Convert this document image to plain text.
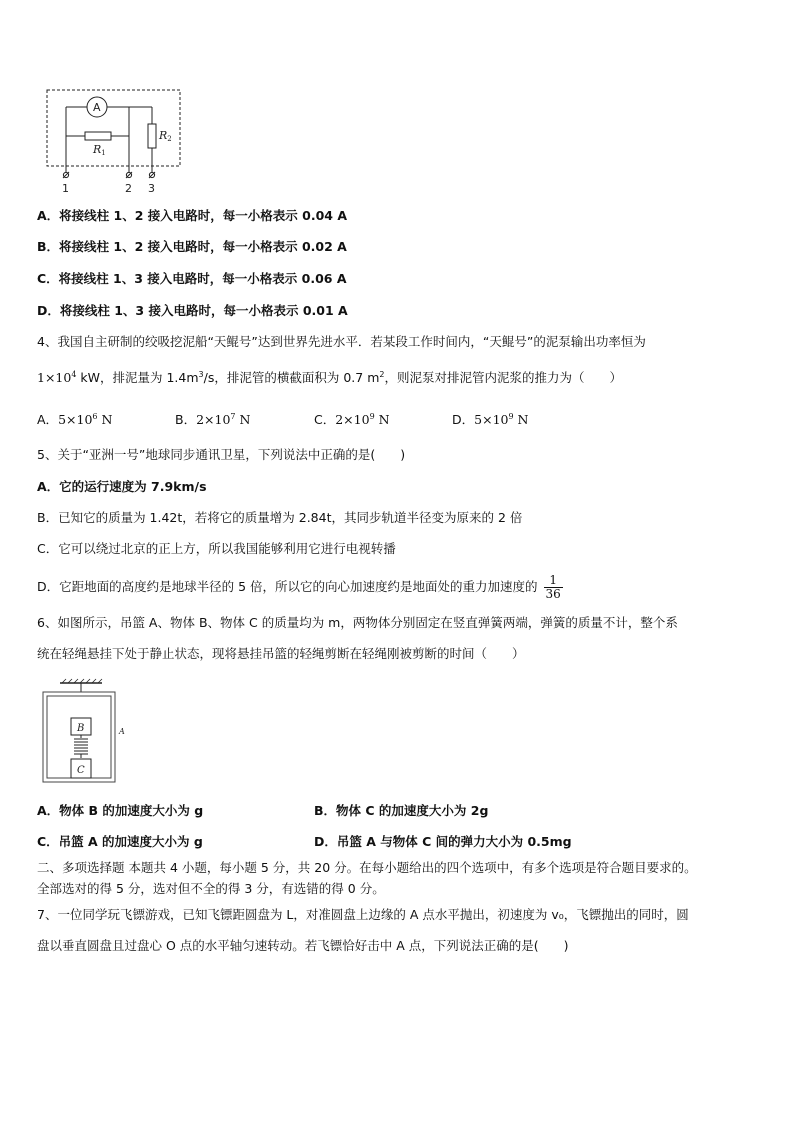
A
R1
R2
1	2 3
A．将接线柱 1、2 接入电路时，每一小格表示 0.04 A
B．将接线柱 1、2 接入电路时，每一小格表示 0.02 A
C．将接线柱 1、3 接入电路时，每一小格表示 0.06 A
D．将接线柱 1、3 接入电路时，每一小格表示 0.01 A
4、我国自主研制的绞吸挖泥船“天鲲号”达到世界先进水平．若某段工作时间内，“天鲲号”的泥泵输出功率恒为
$1\times 10^4$ kW，排泥量为 $1.4m^3/s$，排泥管的横截面积为 0.7 $m^2$，则泥泵对排泥管内泥浆的推力为（　　）
A．$5\times 10^6$ N	B．$2\times 10^7$ N	C．$2\times 10^9$ N	D．$5\times 10^9$ N
5、关于“亚洲一号”地球同步通讯卫星，下列说法中正确的是(　　)
A．它的运行速度为 7.9km/s
B．已知它的质量为 1.42t，若将它的质量增为 2.84t，其同步轨道半径变为原来的 2 倍
C．它可以绕过北京的正上方，所以我国能够利用它进行电视转播
D．它距地面的高度约是地球半径的 5 倍，所以它的向心加速度约是地面处的重力加速度的 $\frac{1}{36}$
6、如图所示，吊篮 A、物体 B、物体 C 的质量均为 m，两物体分别固定在竖直弹簧两端，弹簧的质量不计，整个系
统在轻绳悬挂下处于静止状态，现将悬挂吊篮的轻绳剪断在轻绳刚被剪断的时间（　　）
B
C
A
A．物体 B 的加速度大小为 g	B．物体 C 的加速度大小为 2g
C．吊篮 A 的加速度大小为 g	D．吊篮 A 与物体 C 间的弹力大小为 0.5mg
二、多项选择题 本题共 4 小题，每小题 5 分，共 20 分。在每小题给出的四个选项中，有多个选项是符合题目要求的。
全部选对的得 5 分，选对但不全的得 3 分，有选错的得 0 分。
7、一位同学玩飞镖游戏，已知飞镖距圆盘为 L，对准圆盘上边缘的 A 点水平抛出，初速度为 v₀，飞镖抛出的同时，圆
盘以垂直圆盘且过盘心 O 点的水平轴匀速转动。若飞镖恰好击中 A 点，下列说法正确的是(　　)
